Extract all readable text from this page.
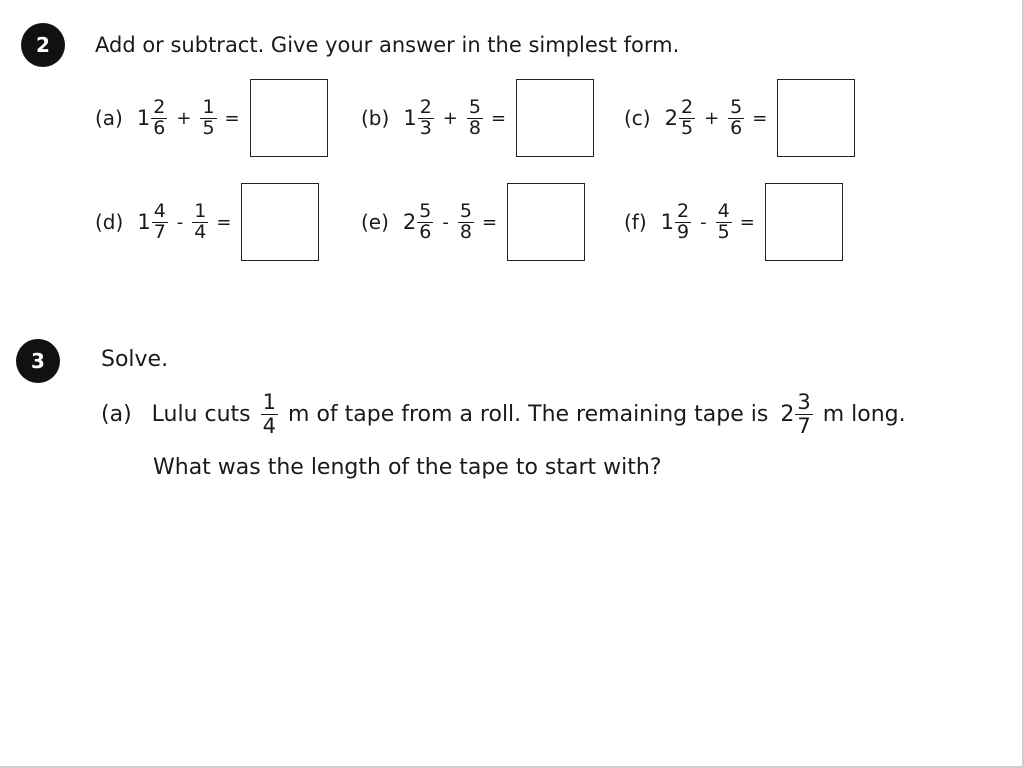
2 Add or subtract. Give your answer in the simplest form.
(a) $1 \frac{2}{6} + \frac{1}{5}$ =	(b) $1 \frac{2}{3} + \frac{5}{8}$ =	(c) $2 \frac{2}{5} + \frac{5}{6}$ =
(d) $1 \frac{4}{7} - \frac{1}{4}$ =	(e) $2 \frac{5}{6} - \frac{5}{8}$ =	(f) $1 \frac{2}{9} - \frac{4}{5}$ =
3	Solve.
(a) Lulu cuts $\frac{1}{4}$ m of tape from a roll. The remaining tape is $2 \frac{3}{7}$ m long.
What was the length of the tape to start with?
